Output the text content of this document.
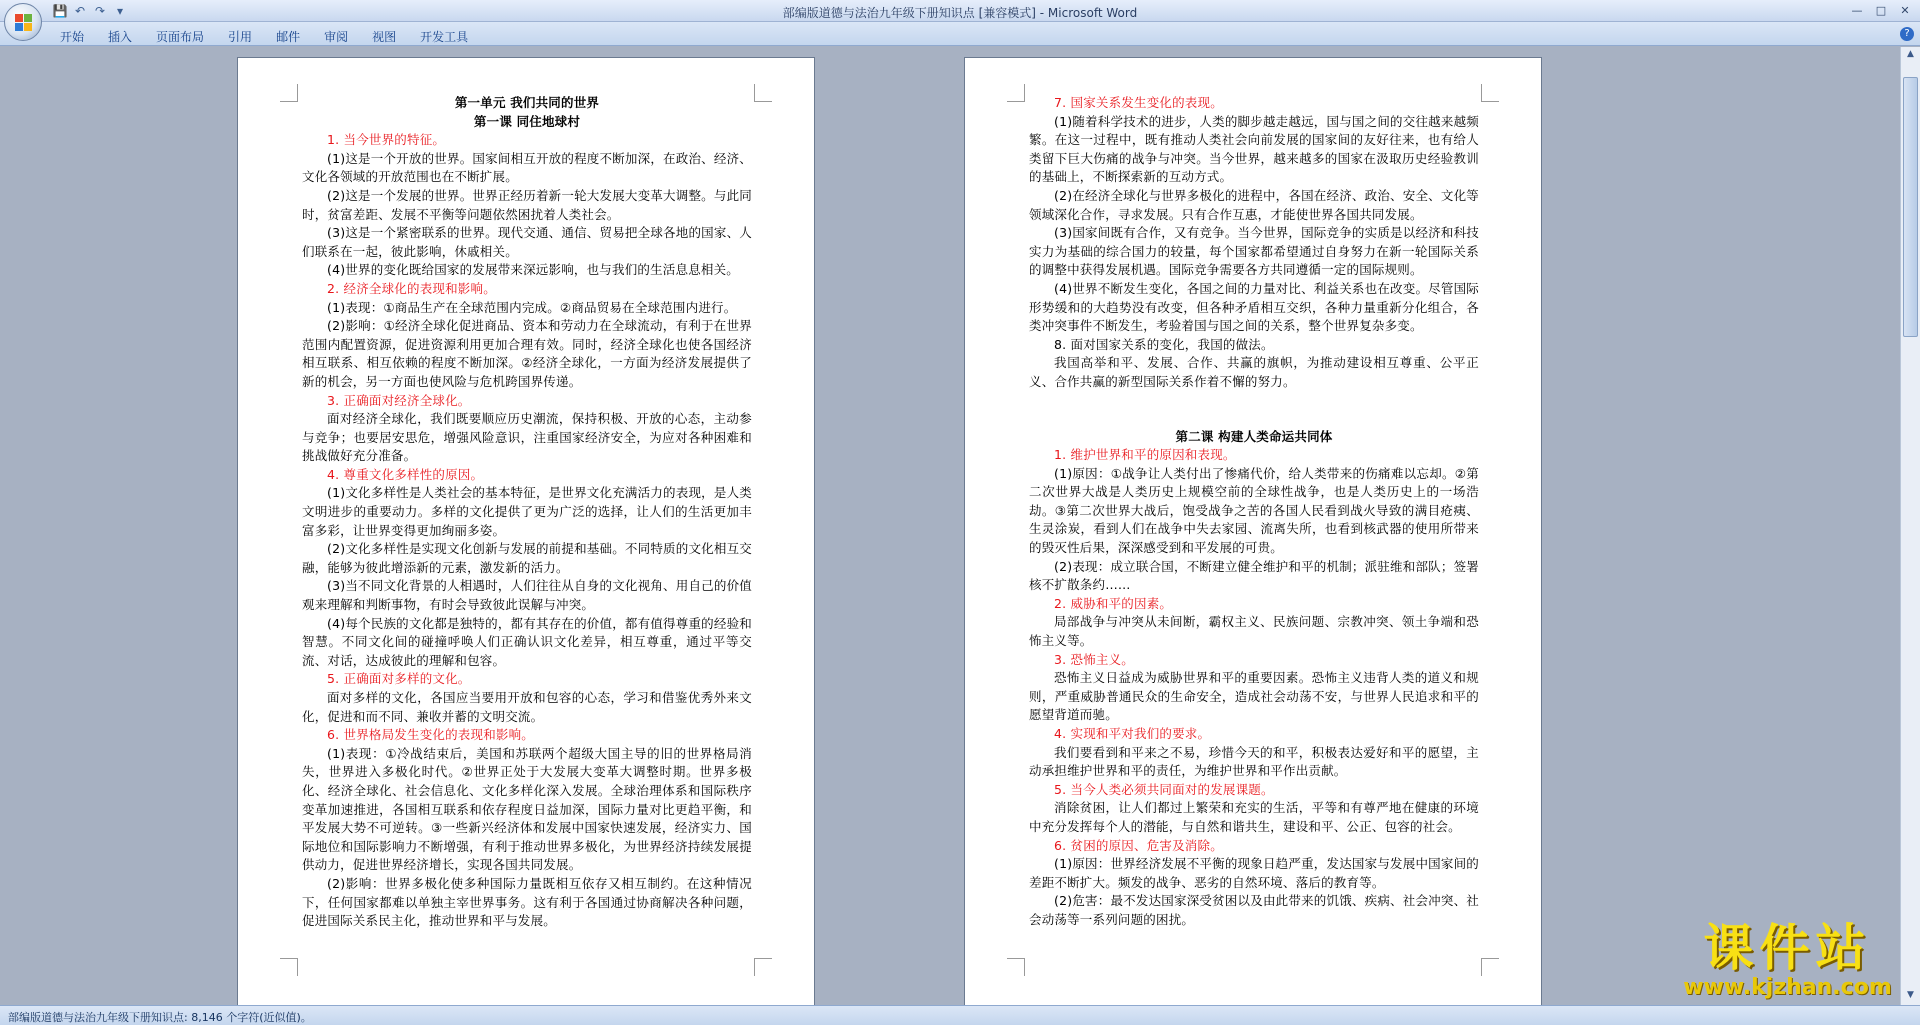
💾 ↶ ↷ ▾	部编版道德与法治九年级下册知识点 [兼容模式] - Microsoft Word	—	□	✕
开始	插入	页面布局	引用	邮件	审阅	视图	开发工具	?
第一单元 我们共同的世界
第一课 同住地球村
1. 当今世界的特征。
(1)这是一个开放的世界。国家间相互开放的程度不断加深，在政治、经济、文化各领域的开放范围也在不断扩展。
(2)这是一个发展的世界。世界正经历着新一轮大发展大变革大调整。与此同时，贫富差距、发展不平衡等问题依然困扰着人类社会。
(3)这是一个紧密联系的世界。现代交通、通信、贸易把全球各地的国家、人们联系在一起，彼此影响，休戚相关。
(4)世界的变化既给国家的发展带来深远影响，也与我们的生活息息相关。
2. 经济全球化的表现和影响。
(1)表现：①商品生产在全球范围内完成。②商品贸易在全球范围内进行。
(2)影响：①经济全球化促进商品、资本和劳动力在全球流动，有利于在世界范围内配置资源，促进资源利用更加合理有效。同时，经济全球化也使各国经济相互联系、相互依赖的程度不断加深。②经济全球化，一方面为经济发展提供了新的机会，另一方面也使风险与危机跨国界传递。
3. 正确面对经济全球化。
面对经济全球化，我们既要顺应历史潮流，保持积极、开放的心态，主动参与竞争；也要居安思危，增强风险意识，注重国家经济安全，为应对各种困难和挑战做好充分准备。
4. 尊重文化多样性的原因。
(1)文化多样性是人类社会的基本特征，是世界文化充满活力的表现，是人类文明进步的重要动力。多样的文化提供了更为广泛的选择，让人们的生活更加丰富多彩，让世界变得更加绚丽多姿。
(2)文化多样性是实现文化创新与发展的前提和基础。不同特质的文化相互交融，能够为彼此增添新的元素，激发新的活力。
(3)当不同文化背景的人相遇时，人们往往从自身的文化视角、用自己的价值观来理解和判断事物，有时会导致彼此误解与冲突。
(4)每个民族的文化都是独特的，都有其存在的价值，都有值得尊重的经验和智慧。不同文化间的碰撞呼唤人们正确认识文化差异，相互尊重，通过平等交流、对话，达成彼此的理解和包容。
5. 正确面对多样的文化。
面对多样的文化，各国应当要用开放和包容的心态，学习和借鉴优秀外来文化，促进和而不同、兼收并蓄的文明交流。
6. 世界格局发生变化的表现和影响。
(1)表现：①冷战结束后，美国和苏联两个超级大国主导的旧的世界格局消失，世界进入多极化时代。②世界正处于大发展大变革大调整时期。世界多极化、经济全球化、社会信息化、文化多样化深入发展。全球治理体系和国际秩序变革加速推进，各国相互联系和依存程度日益加深，国际力量对比更趋平衡，和平发展大势不可逆转。③一些新兴经济体和发展中国家快速发展，经济实力、国际地位和国际影响力不断增强，有利于推动世界多极化，为世界经济持续发展提供动力，促进世界经济增长，实现各国共同发展。
(2)影响：世界多极化使多种国际力量既相互依存又相互制约。在这种情况下，任何国家都难以单独主宰世界事务。这有利于各国通过协商解决各种问题，促进国际关系民主化，推动世界和平与发展。
7. 国家关系发生变化的表现。
(1)随着科学技术的进步，人类的脚步越走越远，国与国之间的交往越来越频繁。在这一过程中，既有推动人类社会向前发展的国家间的友好往来，也有给人类留下巨大伤痛的战争与冲突。当今世界，越来越多的国家在汲取历史经验教训的基础上，不断探索新的互动方式。
(2)在经济全球化与世界多极化的进程中，各国在经济、政治、安全、文化等领域深化合作，寻求发展。只有合作互惠，才能使世界各国共同发展。
(3)国家间既有合作，又有竞争。当今世界，国际竞争的实质是以经济和科技实力为基础的综合国力的较量，每个国家都希望通过自身努力在新一轮国际关系的调整中获得发展机遇。国际竞争需要各方共同遵循一定的国际规则。
(4)世界不断发生变化，各国之间的力量对比、利益关系也在改变。尽管国际形势缓和的大趋势没有改变，但各种矛盾相互交织，各种力量重新分化组合，各类冲突事件不断发生，考验着国与国之间的关系，整个世界复杂多变。
8. 面对国家关系的变化，我国的做法。
我国高举和平、发展、合作、共赢的旗帜，为推动建设相互尊重、公平正义、合作共赢的新型国际关系作着不懈的努力。
第二课 构建人类命运共同体
1. 维护世界和平的原因和表现。
(1)原因：①战争让人类付出了惨痛代价，给人类带来的伤痛难以忘却。②第二次世界大战是人类历史上规模空前的全球性战争，也是人类历史上的一场浩劫。③第二次世界大战后，饱受战争之苦的各国人民看到战火导致的满目疮痍、生灵涂炭，看到人们在战争中失去家园、流离失所，也看到核武器的使用所带来的毁灭性后果，深深感受到和平发展的可贵。
(2)表现：成立联合国，不断建立健全维护和平的机制；派驻维和部队；签署核不扩散条约……
2. 威胁和平的因素。
局部战争与冲突从未间断，霸权主义、民族问题、宗教冲突、领土争端和恐怖主义等。
3. 恐怖主义。
恐怖主义日益成为威胁世界和平的重要因素。恐怖主义违背人类的道义和规则，严重威胁普通民众的生命安全，造成社会动荡不安，与世界人民追求和平的愿望背道而驰。
4. 实现和平对我们的要求。
我们要看到和平来之不易，珍惜今天的和平，积极表达爱好和平的愿望，主动承担维护世界和平的责任，为维护世界和平作出贡献。
5. 当今人类必须共同面对的发展课题。
消除贫困，让人们都过上繁荣和充实的生活，平等和有尊严地在健康的环境中充分发挥每个人的潜能，与自然和谐共生，建设和平、公正、包容的社会。
6. 贫困的原因、危害及消除。
(1)原因：世界经济发展不平衡的现象日趋严重，发达国家与发展中国家间的差距不断扩大。频发的战争、恶劣的自然环境、落后的教育等。
(2)危害：最不发达国家深受贫困以及由此带来的饥饿、疾病、社会冲突、社会动荡等一系列问题的困扰。
▲
▼
部编版道德与法治九年级下册知识点: 8,146 个字符(近似值)。
课件站
www.kjzhan.com
